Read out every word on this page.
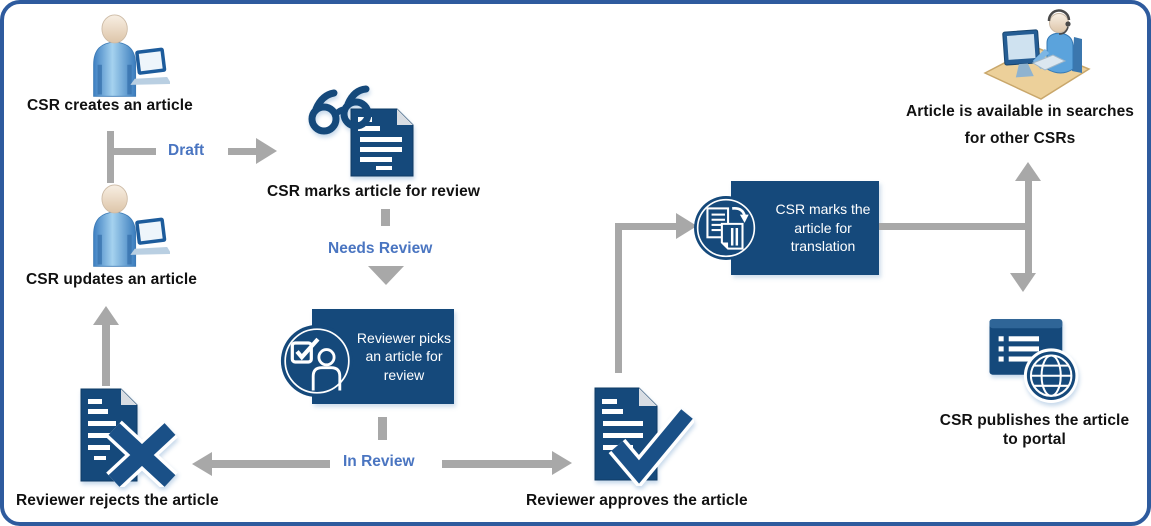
CSR creates an article
Draft
CSR marks article for review
Needs Review
CSR updates an article
Reviewer picks an article for review
In Review
Reviewer rejects the article	Reviewer approves the article
CSR marks the article for translation
Article is available in searches
for other CSRs
CSR publishes the article
to portal
